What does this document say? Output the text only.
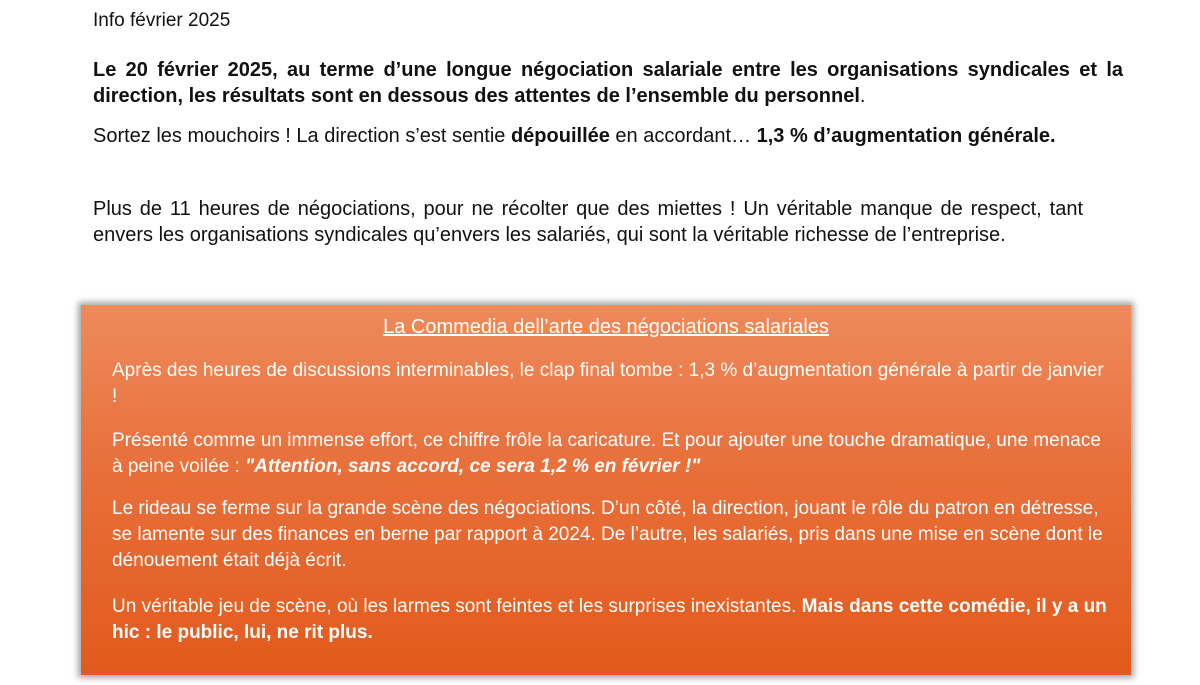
Info février 2025
Le 20 février 2025, au terme d’une longue négociation salariale entre les organisations syndicales et la direction, les résultats sont en dessous des attentes de l’ensemble du personnel.
Sortez les mouchoirs ! La direction s’est sentie dépouillée en accordant… 1,3 % d’augmentation générale.
Plus de 11 heures de négociations, pour ne récolter que des miettes ! Un véritable manque de respect, tant envers les organisations syndicales qu’envers les salariés, qui sont la véritable richesse de l’entreprise.
La Commedia dell’arte des négociations salariales
Après des heures de discussions interminables, le clap final tombe : 1,3 % d’augmentation générale à partir de janvier !
Présenté comme un immense effort, ce chiffre frôle la caricature. Et pour ajouter une touche dramatique, une menace à peine voilée : "Attention, sans accord, ce sera 1,2 % en février !"
Le rideau se ferme sur la grande scène des négociations. D’un côté, la direction, jouant le rôle du patron en détresse, se lamente sur des finances en berne par rapport à 2024. De l’autre, les salariés, pris dans une mise en scène dont le dénouement était déjà écrit.
Un véritable jeu de scène, où les larmes sont feintes et les surprises inexistantes. Mais dans cette comédie, il y a un hic : le public, lui, ne rit plus.
